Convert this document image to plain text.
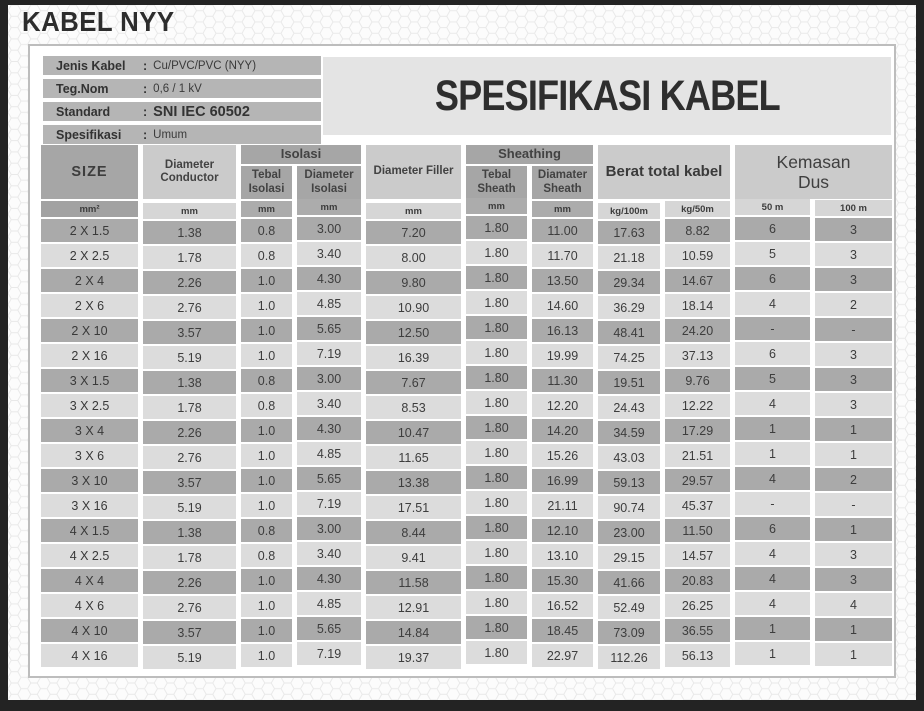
KABEL NYY
Jenis Kabel	: Cu/PVC/PVC (NYY)
Teg.Nom	: 0,6 / 1 kV
Standard	: SNI IEC 60502
Spesifikasi	: Umum
SPESIFIKASI KABEL
SIZE	Diameter Conductor	Isolasi		Diameter Filler	Sheathing		Berat total kabel		Kemasan Dus	
		Tebal Isolasi	Diameter Isolasi		Tebal Sheath	Diamater Sheath				
mm²	mm	mm	mm	mm	mm	mm	kg/100m	kg/50m	50 m	100 m
2 X 1.5	1.38	0.8	3.00	7.20	1.80	11.00	17.63	8.82	6	3
2 X 2.5	1.78	0.8	3.40	8.00	1.80	11.70	21.18	10.59	5	3
2 X 4	2.26	1.0	4.30	9.80	1.80	13.50	29.34	14.67	6	3
2 X 6	2.76	1.0	4.85	10.90	1.80	14.60	36.29	18.14	4	2
2 X 10	3.57	1.0	5.65	12.50	1.80	16.13	48.41	24.20	-	-
2 X 16	5.19	1.0	7.19	16.39	1.80	19.99	74.25	37.13	6	3
3 X 1.5	1.38	0.8	3.00	7.67	1.80	11.30	19.51	9.76	5	3
3 X 2.5	1.78	0.8	3.40	8.53	1.80	12.20	24.43	12.22	4	3
3 X 4	2.26	1.0	4.30	10.47	1.80	14.20	34.59	17.29	1	1
3 X 6	2.76	1.0	4.85	11.65	1.80	15.26	43.03	21.51	1	1
3 X 10	3.57	1.0	5.65	13.38	1.80	16.99	59.13	29.57	4	2
3 X 16	5.19	1.0	7.19	17.51	1.80	21.11	90.74	45.37	-	-
4 X 1.5	1.38	0.8	3.00	8.44	1.80	12.10	23.00	11.50	6	1
4 X 2.5	1.78	0.8	3.40	9.41	1.80	13.10	29.15	14.57	4	3
4 X 4	2.26	1.0	4.30	11.58	1.80	15.30	41.66	20.83	4	3
4 X 6	2.76	1.0	4.85	12.91	1.80	16.52	52.49	26.25	4	4
4 X 10	3.57	1.0	5.65	14.84	1.80	18.45	73.09	36.55	1	1
4 X 16	5.19	1.0	7.19	19.37	1.80	22.97	112.26	56.13	1	1
